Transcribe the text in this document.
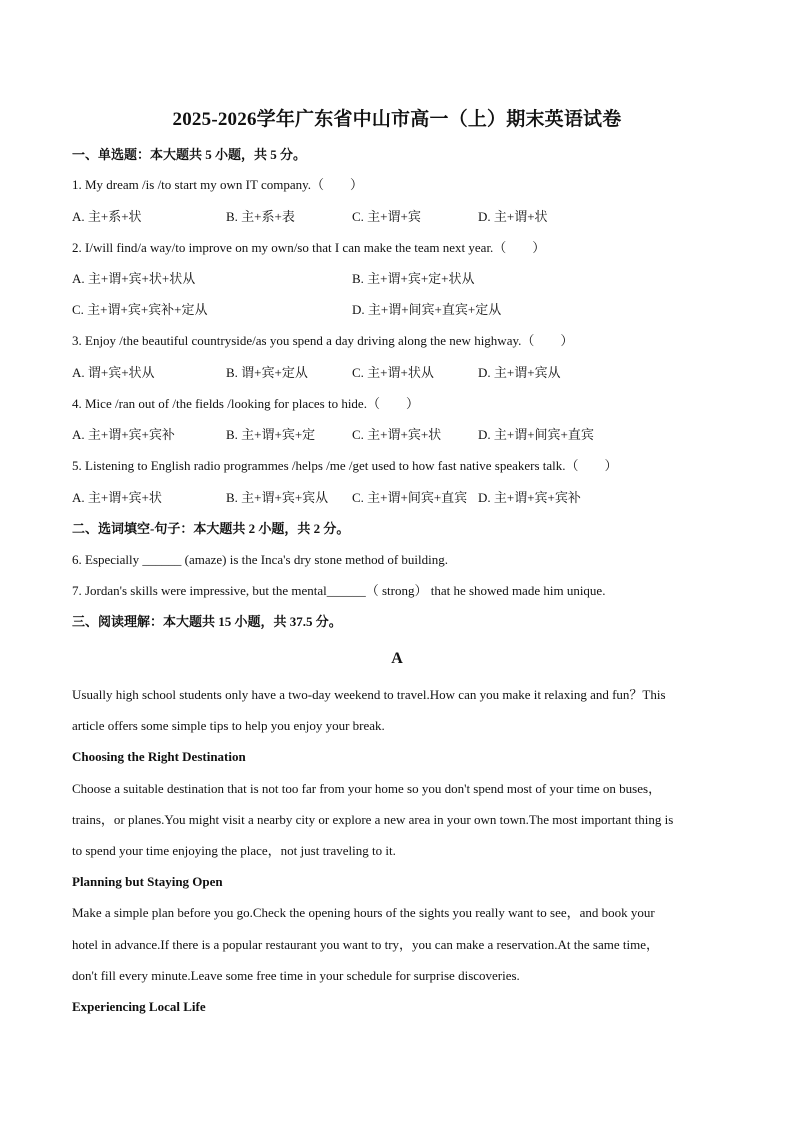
2025-2026学年广东省中山市高一（上）期末英语试卷
一、单选题：本大题共 5 小题，共 5 分。
1. My dream /is /to start my own IT company.（　　）
A. 主+系+状	B. 主+系+表	C. 主+谓+宾	D. 主+谓+状
2. I/will find/a way/to improve on my own/so that I can make the team next year.（　　）
A. 主+谓+宾+状+状从	B. 主+谓+宾+定+状从
C. 主+谓+宾+宾补+定从	D. 主+谓+间宾+直宾+定从
3. Enjoy /the beautiful countryside/as you spend a day driving along the new highway.（　　）
A. 谓+宾+状从	B. 谓+宾+定从	C. 主+谓+状从	D. 主+谓+宾从
4. Mice /ran out of /the fields /looking for places to hide.（　　）
A. 主+谓+宾+宾补	B. 主+谓+宾+定	C. 主+谓+宾+状	D. 主+谓+间宾+直宾
5. Listening to English radio programmes /helps /me /get used to how fast native speakers talk.（　　）
A. 主+谓+宾+状	B. 主+谓+宾+宾从 C. 主+谓+间宾+直宾 D. 主+谓+宾+宾补
二、选词填空-句子：本大题共 2 小题，共 2 分。
6. Especially ______ (amaze) is the Inca's dry stone method of building.
7. Jordan's skills were impressive, but the mental______（ strong） that he showed made him unique.
三、阅读理解：本大题共 15 小题，共 37.5 分。
A
Usually high school students only have a two-day weekend to travel.How can you make it relaxing and fun？This
article offers some simple tips to help you enjoy your break.
Choosing the Right Destination
Choose a suitable destination that is not too far from your home so you don't spend most of your time on buses，
trains，or planes.You might visit a nearby city or explore a new area in your own town.The most important thing is
to spend your time enjoying the place，not just traveling to it.
Planning but Staying Open
Make a simple plan before you go.Check the opening hours of the sights you really want to see，and book your
hotel in advance.If there is a popular restaurant you want to try，you can make a reservation.At the same time，
don't fill every minute.Leave some free time in your schedule for surprise discoveries.
Experiencing Local Life
